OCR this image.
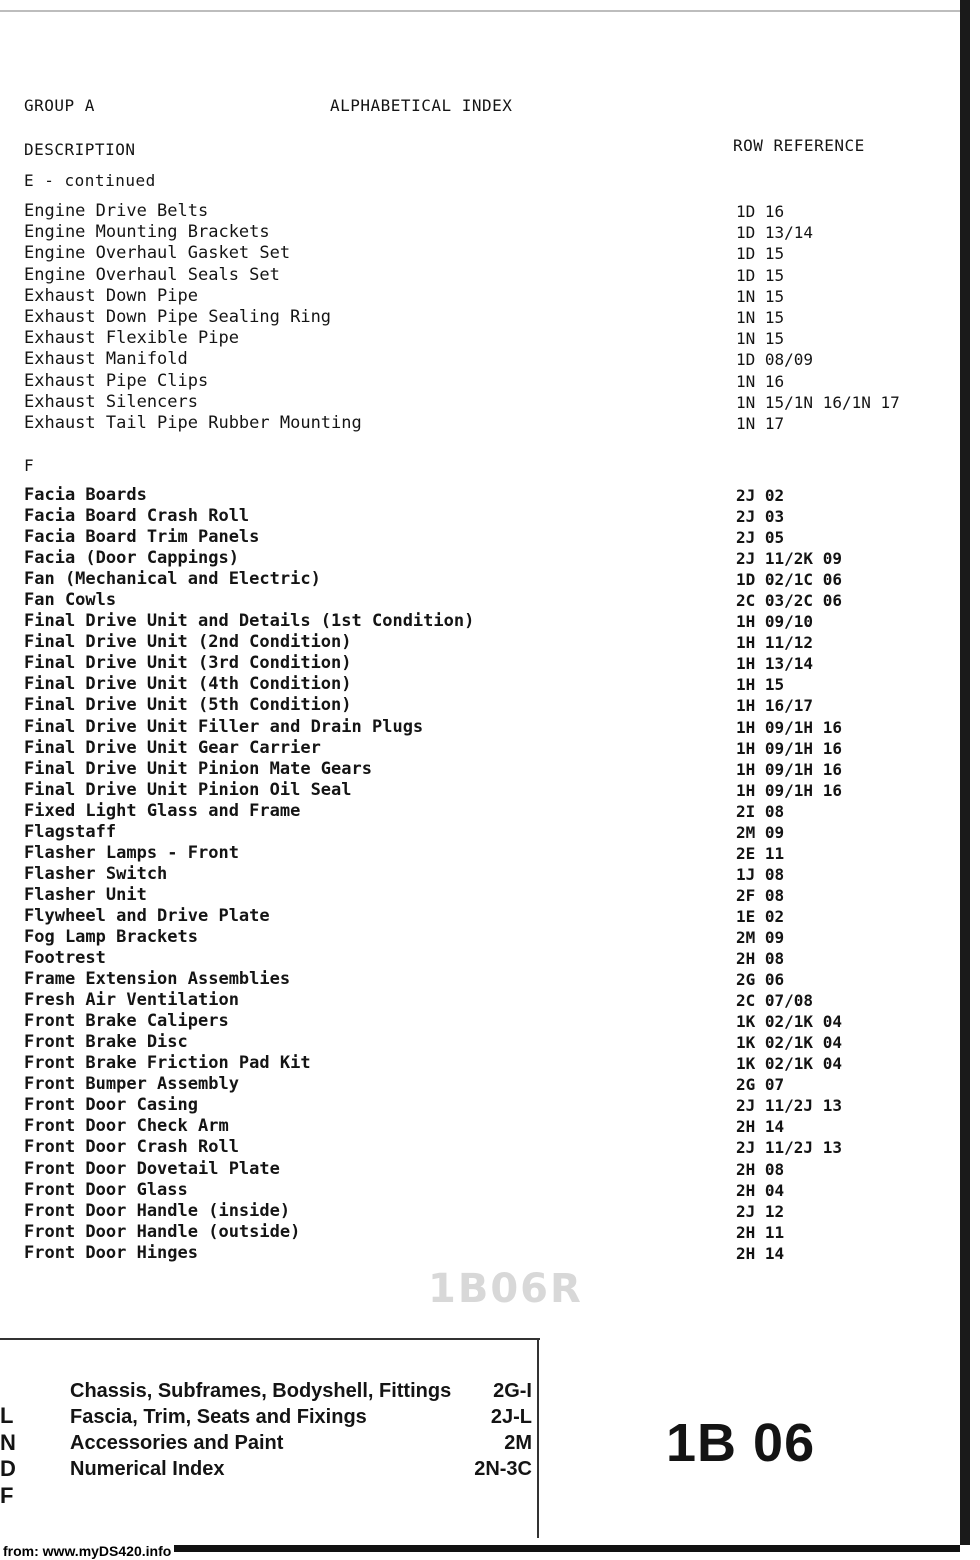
GROUP A	ALPHABETICAL INDEX
DESCRIPTION	ROW REFERENCE
E - continued
Engine Drive Belts	1D 16
Engine Mounting Brackets	1D 13/14
Engine Overhaul Gasket Set	1D 15
Engine Overhaul Seals Set	1D 15
Exhaust Down Pipe	1N 15
Exhaust Down Pipe Sealing Ring	1N 15
Exhaust Flexible Pipe	1N 15
Exhaust Manifold	1D 08/09
Exhaust Pipe Clips	1N 16
Exhaust Silencers	1N 15/1N 16/1N 17
Exhaust Tail Pipe Rubber Mounting	1N 17
F
Facia Boards	2J 02
Facia Board Crash Roll	2J 03
Facia Board Trim Panels	2J 05
Facia (Door Cappings)	2J 11/2K 09
Fan (Mechanical and Electric)	1D 02/1C 06
Fan Cowls	2C 03/2C 06
Final Drive Unit and Details (1st Condition)	1H 09/10
Final Drive Unit (2nd Condition)	1H 11/12
Final Drive Unit (3rd Condition)	1H 13/14
Final Drive Unit (4th Condition)	1H 15
Final Drive Unit (5th Condition)	1H 16/17
Final Drive Unit Filler and Drain Plugs	1H 09/1H 16
Final Drive Unit Gear Carrier	1H 09/1H 16
Final Drive Unit Pinion Mate Gears	1H 09/1H 16
Final Drive Unit Pinion Oil Seal	1H 09/1H 16
Fixed Light Glass and Frame	2I 08
Flagstaff	2M 09
Flasher Lamps - Front	2E 11
Flasher Switch	1J 08
Flasher Unit	2F 08
Flywheel and Drive Plate	1E 02
Fog Lamp Brackets	2M 09
Footrest	2H 08
Frame Extension Assemblies	2G 06
Fresh Air Ventilation	2C 07/08
Front Brake Calipers	1K 02/1K 04
Front Brake Disc	1K 02/1K 04
Front Brake Friction Pad Kit	1K 02/1K 04
Front Bumper Assembly	2G 07
Front Door Casing	2J 11/2J 13
Front Door Check Arm	2H 14
Front Door Crash Roll	2J 11/2J 13
Front Door Dovetail Plate	2H 08
Front Door Glass	2H 04
Front Door Handle (inside)	2J 12
Front Door Handle (outside)	2H 11
Front Door Hinges	2H 14
1B06R
L
N
D
F
Chassis, Subframes, Bodyshell, Fittings 2G-I
Fascia, Trim, Seats and Fixings	2J-L
Accessories and Paint	2M
Numerical Index	2N-3C 1B 06
from: www.myDS420.info
